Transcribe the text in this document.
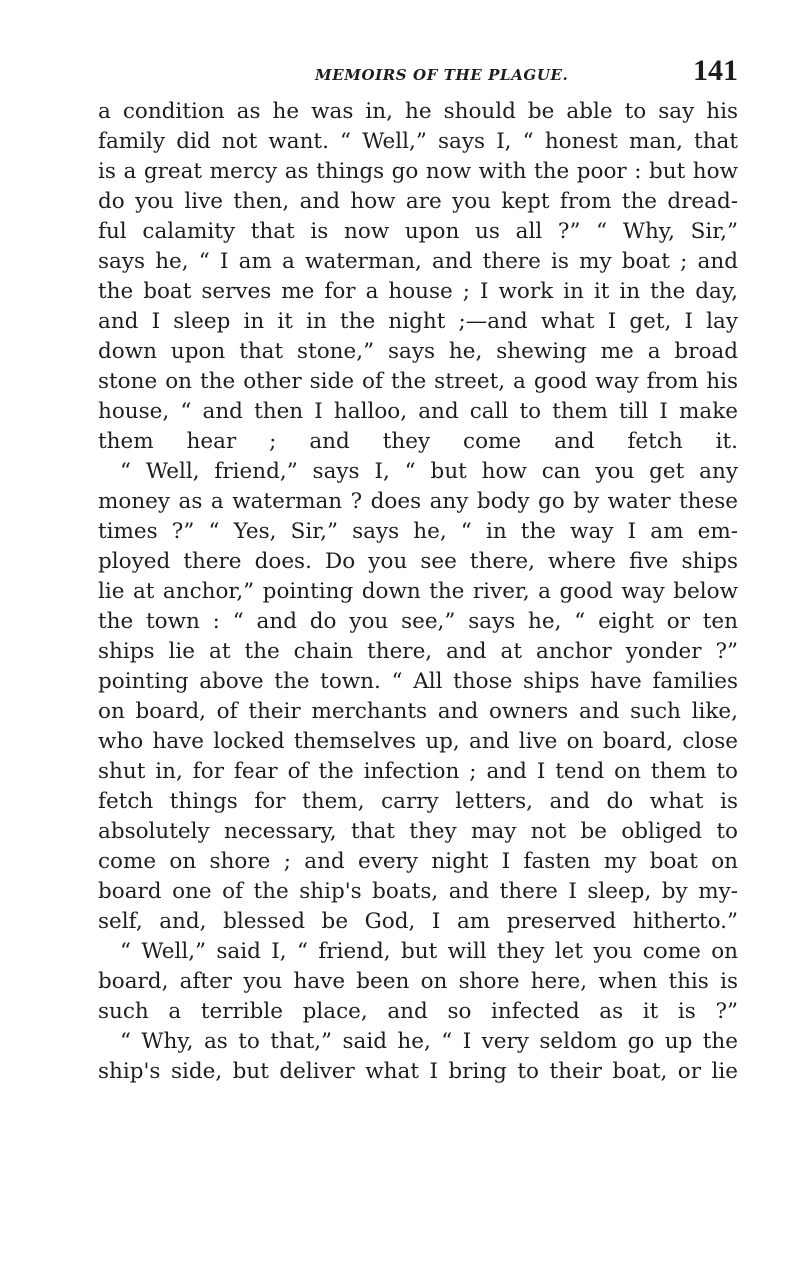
MEMOIRS OF THE PLAGUE.	141
a condition as he was in, he should be able to say his
family did not want. “ Well,” says I, “ honest man, that
is a great mercy as things go now with the poor : but how
do you live then, and how are you kept from the dread-
ful calamity that is now upon us all ?” “ Why, Sir,”
says he, “ I am a waterman, and there is my boat ; and
the boat serves me for a house ; I work in it in the day,
and I sleep in it in the night ;—and what I get, I lay
down upon that stone,” says he, shewing me a broad
stone on the other side of the street, a good way from his
house, “ and then I halloo, and call to them till I make
them hear ; and they come and fetch it.
“ Well, friend,” says I, “ but how can you get any
money as a waterman ? does any body go by water these
times ?” “ Yes, Sir,” says he, “ in the way I am em-
ployed there does. Do you see there, where five ships
lie at anchor,” pointing down the river, a good way below
the town : “ and do you see,” says he, “ eight or ten
ships lie at the chain there, and at anchor yonder ?”
pointing above the town. “ All those ships have families
on board, of their merchants and owners and such like,
who have locked themselves up, and live on board, close
shut in, for fear of the infection ; and I tend on them to
fetch things for them, carry letters, and do what is
absolutely necessary, that they may not be obliged to
come on shore ; and every night I fasten my boat on
board one of the ship's boats, and there I sleep, by my-
self, and, blessed be God, I am preserved hitherto.”
“ Well,” said I, “ friend, but will they let you come on
board, after you have been on shore here, when this is
such a terrible place, and so infected as it is ?”
“ Why, as to that,” said he, “ I very seldom go up the
ship's side, but deliver what I bring to their boat, or lie
